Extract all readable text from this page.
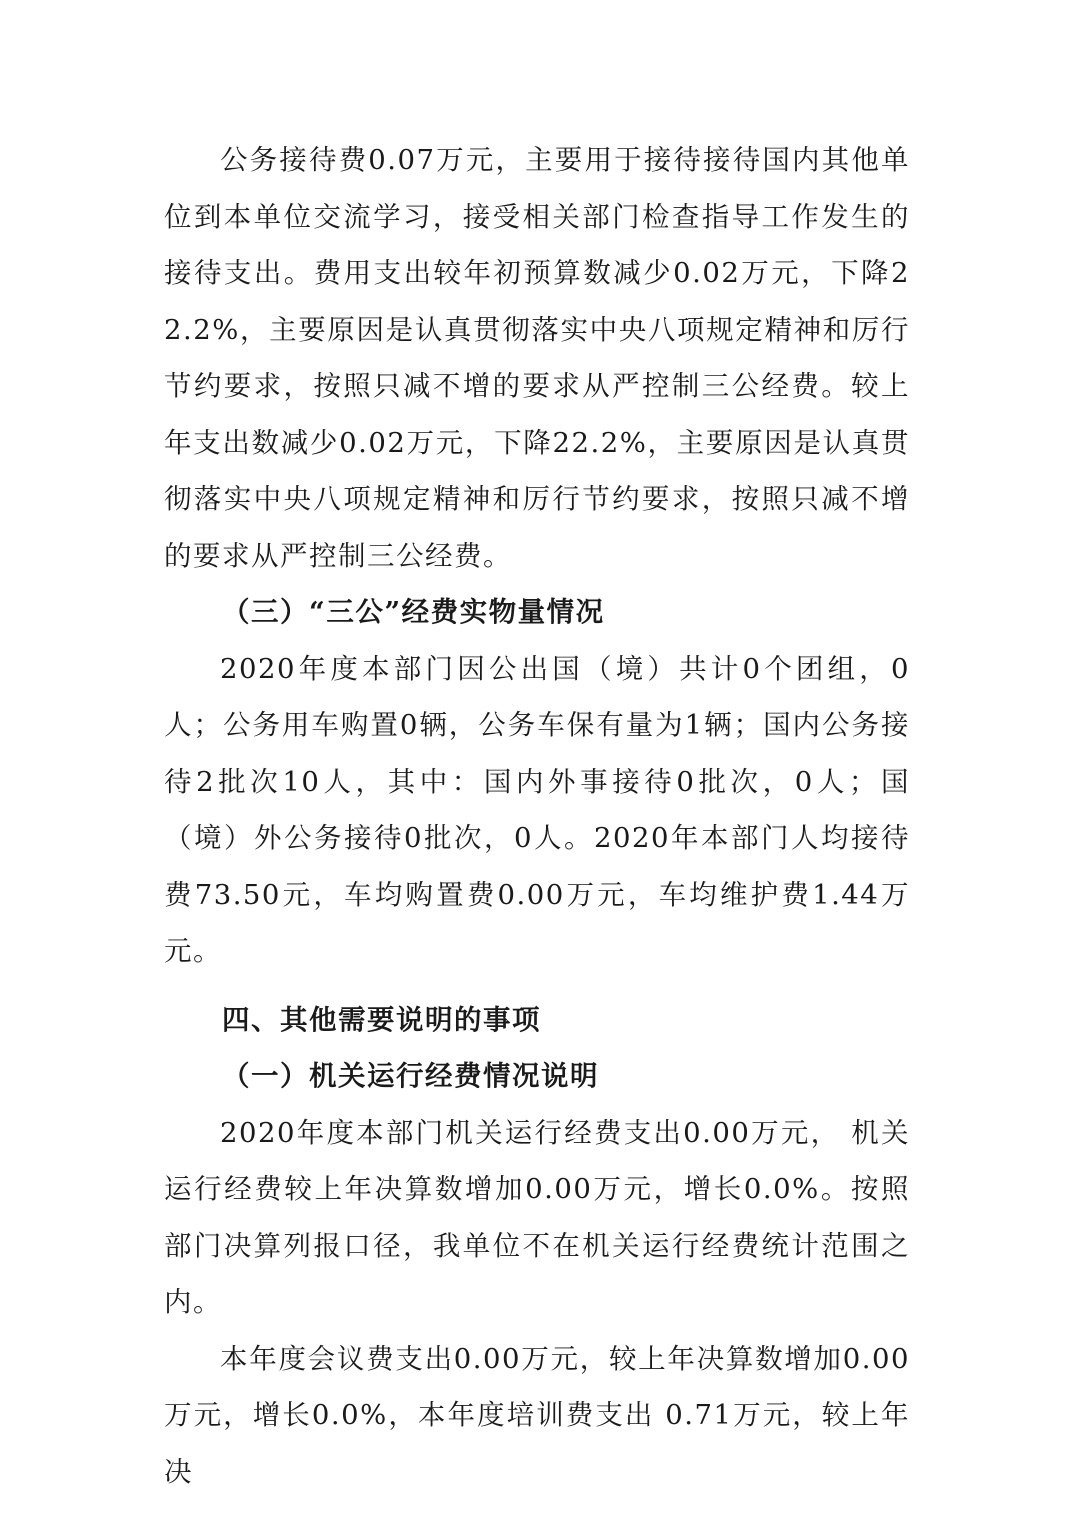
公务接待费0.07万元，主要用于接待接待国内其他单位到本单位交流学习，接受相关部门检查指导工作发生的接待支出。费用支出较年初预算数减少0.02万元，下降22.2%，主要原因是认真贯彻落实中央八项规定精神和厉行节约要求，按照只减不增的要求从严控制三公经费。较上年支出数减少0.02万元，下降22.2%，主要原因是认真贯彻落实中央八项规定精神和厉行节约要求，按照只减不增的要求从严控制三公经费。

（三）“三公”经费实物量情况

2020年度本部门因公出国（境）共计0个团组，0人；公务用车购置0辆，公务车保有量为1辆；国内公务接待2批次10人，其中：国内外事接待0批次，0人；国（境）外公务接待0批次，0人。2020年本部门人均接待费73.50元，车均购置费0.00万元，车均维护费1.44万元。

四、其他需要说明的事项

（一）机关运行经费情况说明

2020年度本部门机关运行经费支出0.00万元， 机关运行经费较上年决算数增加0.00万元，增长0.0%。按照部门决算列报口径，我单位不在机关运行经费统计范围之内。

本年度会议费支出0.00万元，较上年决算数增加0.00万元，增长0.0%，本年度培训费支出 0.71万元，较上年决
